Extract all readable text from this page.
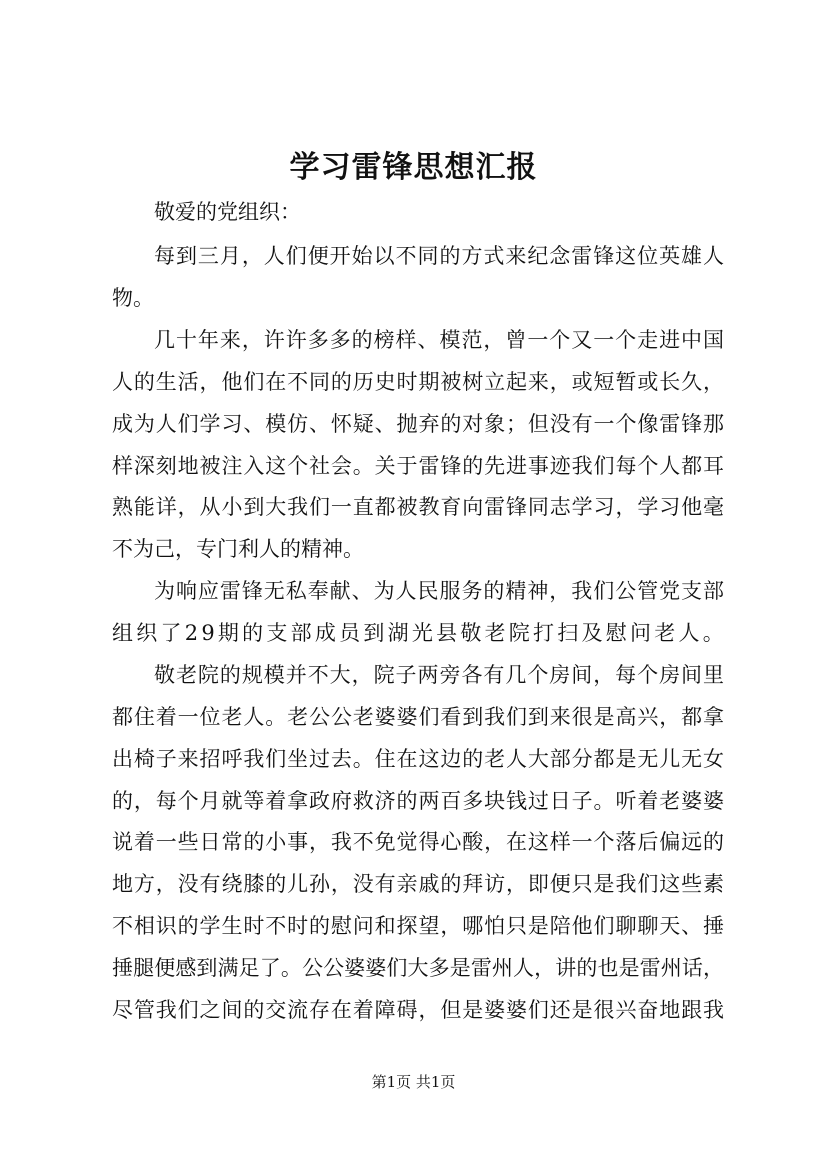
学习雷锋思想汇报
敬爱的党组织：
每到三月，人们便开始以不同的方式来纪念雷锋这位英雄人
物。
几十年来，许许多多的榜样、模范，曾一个又一个走进中国
人的生活，他们在不同的历史时期被树立起来，或短暂或长久，
成为人们学习、模仿、怀疑、抛弃的对象；但没有一个像雷锋那
样深刻地被注入这个社会。关于雷锋的先进事迹我们每个人都耳
熟能详，从小到大我们一直都被教育向雷锋同志学习，学习他毫
不为己，专门利人的精神。
为响应雷锋无私奉献、为人民服务的精神，我们公管党支部
组织了29期的支部成员到湖光县敬老院打扫及慰问老人。
敬老院的规模并不大，院子两旁各有几个房间，每个房间里
都住着一位老人。老公公老婆婆们看到我们到来很是高兴，都拿
出椅子来招呼我们坐过去。住在这边的老人大部分都是无儿无女
的，每个月就等着拿政府救济的两百多块钱过日子。听着老婆婆
说着一些日常的小事，我不免觉得心酸，在这样一个落后偏远的
地方，没有绕膝的儿孙，没有亲戚的拜访，即便只是我们这些素
不相识的学生时不时的慰问和探望，哪怕只是陪他们聊聊天、捶
捶腿便感到满足了。公公婆婆们大多是雷州人，讲的也是雷州话，
尽管我们之间的交流存在着障碍，但是婆婆们还是很兴奋地跟我
第1页 共1页
